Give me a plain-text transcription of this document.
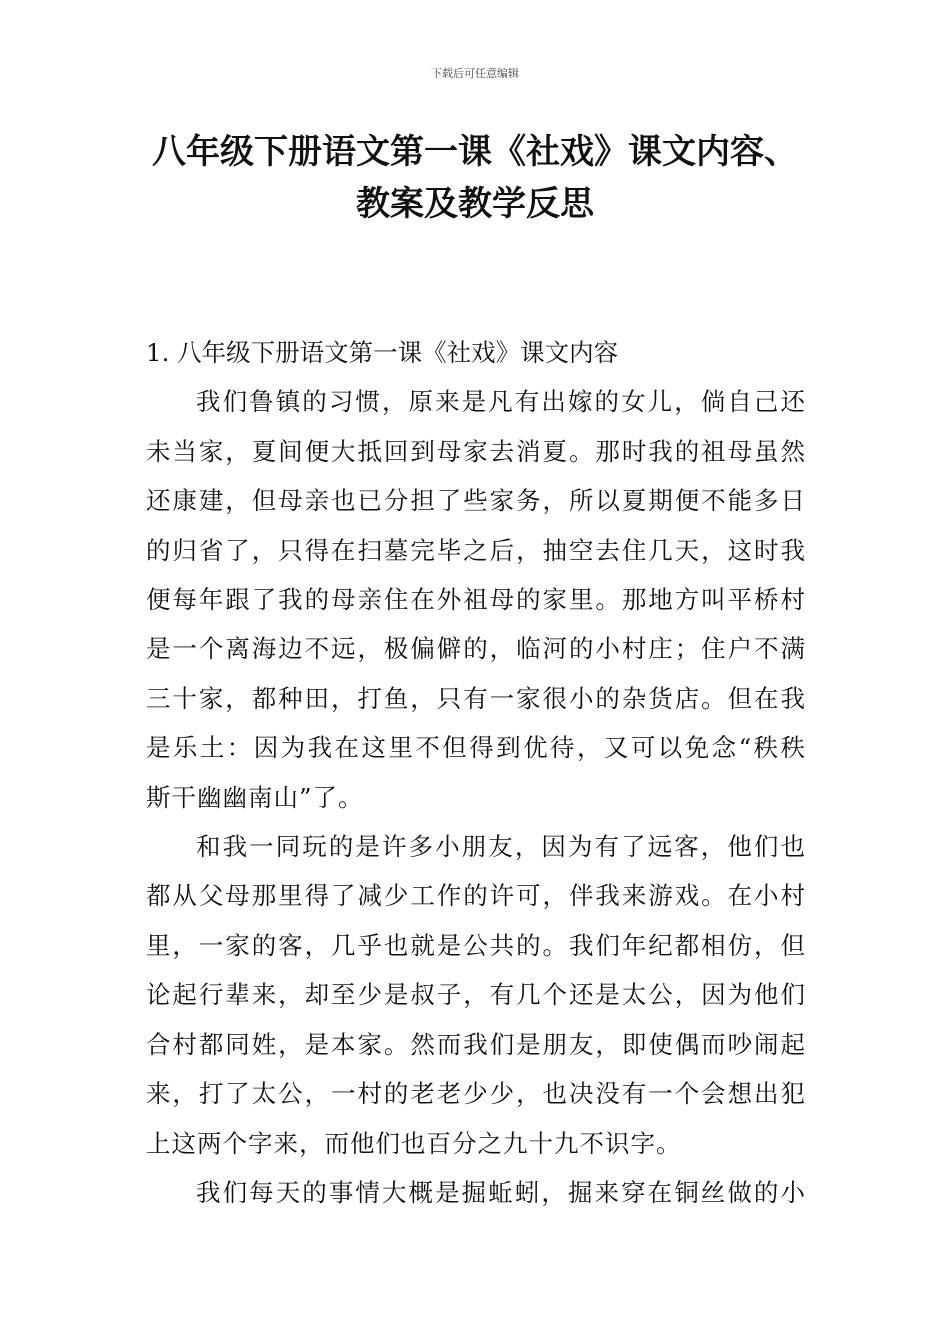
下载后可任意编辑
八年级下册语文第一课《社戏》课文内容、
教案及教学反思

1. 八年级下册语文第一课《社戏》课文内容

我们鲁镇的习惯，原来是凡有出嫁的女儿，倘自己还
未当家，夏间便大抵回到母家去消夏。那时我的祖母虽然
还康建，但母亲也已分担了些家务，所以夏期便不能多日
的归省了，只得在扫墓完毕之后，抽空去住几天，这时我
便每年跟了我的母亲住在外祖母的家里。那地方叫平桥村
是一个离海边不远，极偏僻的，临河的小村庄；住户不满
三十家，都种田，打鱼，只有一家很小的杂货店。但在我
是乐土：因为我在这里不但得到优待，又可以免念“秩秩
斯干幽幽南山”了。
和我一同玩的是许多小朋友，因为有了远客，他们也
都从父母那里得了减少工作的许可，伴我来游戏。在小村
里，一家的客，几乎也就是公共的。我们年纪都相仿，但
论起行辈来，却至少是叔子，有几个还是太公，因为他们
合村都同姓，是本家。然而我们是朋友，即使偶而吵闹起
来，打了太公，一村的老老少少，也决没有一个会想出犯
上这两个字来，而他们也百分之九十九不识字。
我们每天的事情大概是掘蚯蚓，掘来穿在铜丝做的小
